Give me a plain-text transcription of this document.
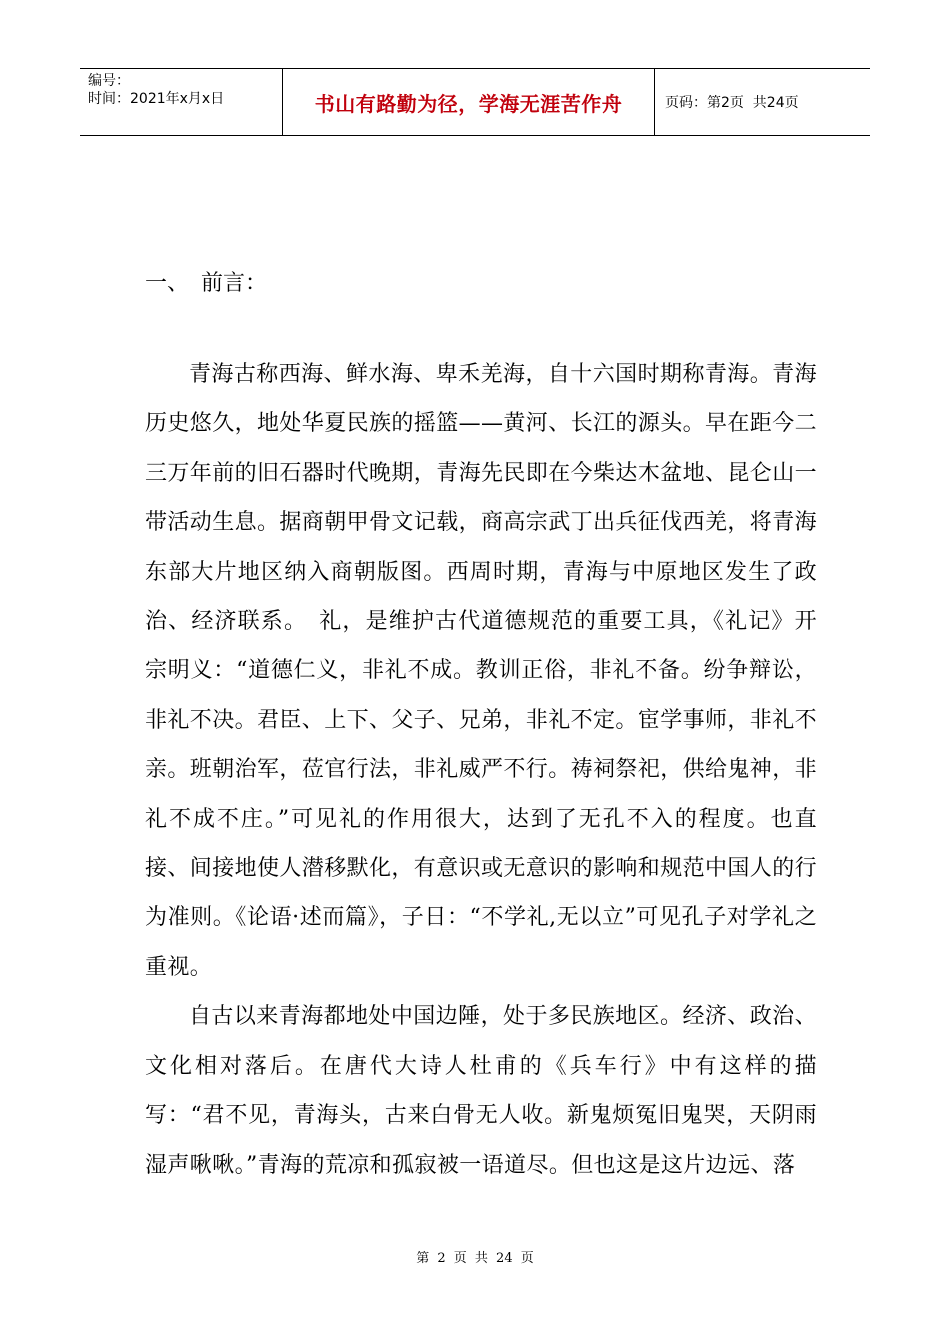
编号：
时间：2021年x月x日	书山有路勤为径，学海无涯苦作舟	页码：第2页  共24页
一、 前言：

青海古称西海、鲜水海、卑禾羌海，自十六国时期称青海。青海历史悠久，地处华夏民族的摇篮——黄河、长江的源头。早在距今二三万年前的旧石器时代晚期，青海先民即在今柴达木盆地、昆仑山一带活动生息。据商朝甲骨文记载，商高宗武丁出兵征伐西羌，将青海东部大片地区纳入商朝版图。西周时期，青海与中原地区发生了政治、经济联系。　礼，是维护古代道德规范的重要工具，《礼记》开宗明义：“道德仁义，非礼不成。教训正俗，非礼不备。纷争辩讼，非礼不决。君臣、上下、父子、兄弟，非礼不定。宦学事师，非礼不亲。班朝治军，莅官行法，非礼威严不行。祷祠祭祀，供给鬼神，非礼不成不庄。”可见礼的作用很大，达到了无孔不入的程度。也直接、间接地使人潜移默化，有意识或无意识的影响和规范中国人的行为准则。《论语·述而篇》，子日：“不学礼,无以立”可见孔子对学礼之重视。

自古以来青海都地处中国边陲，处于多民族地区。经济、政治、文化相对落后。在唐代大诗人杜甫的《兵车行》中有这样的描写：“君不见，青海头，古来白骨无人收。新鬼烦冤旧鬼哭，天阴雨湿声啾啾。”青海的荒凉和孤寂被一语道尽。但也这是这片边远、落

第 2 页 共 24 页
